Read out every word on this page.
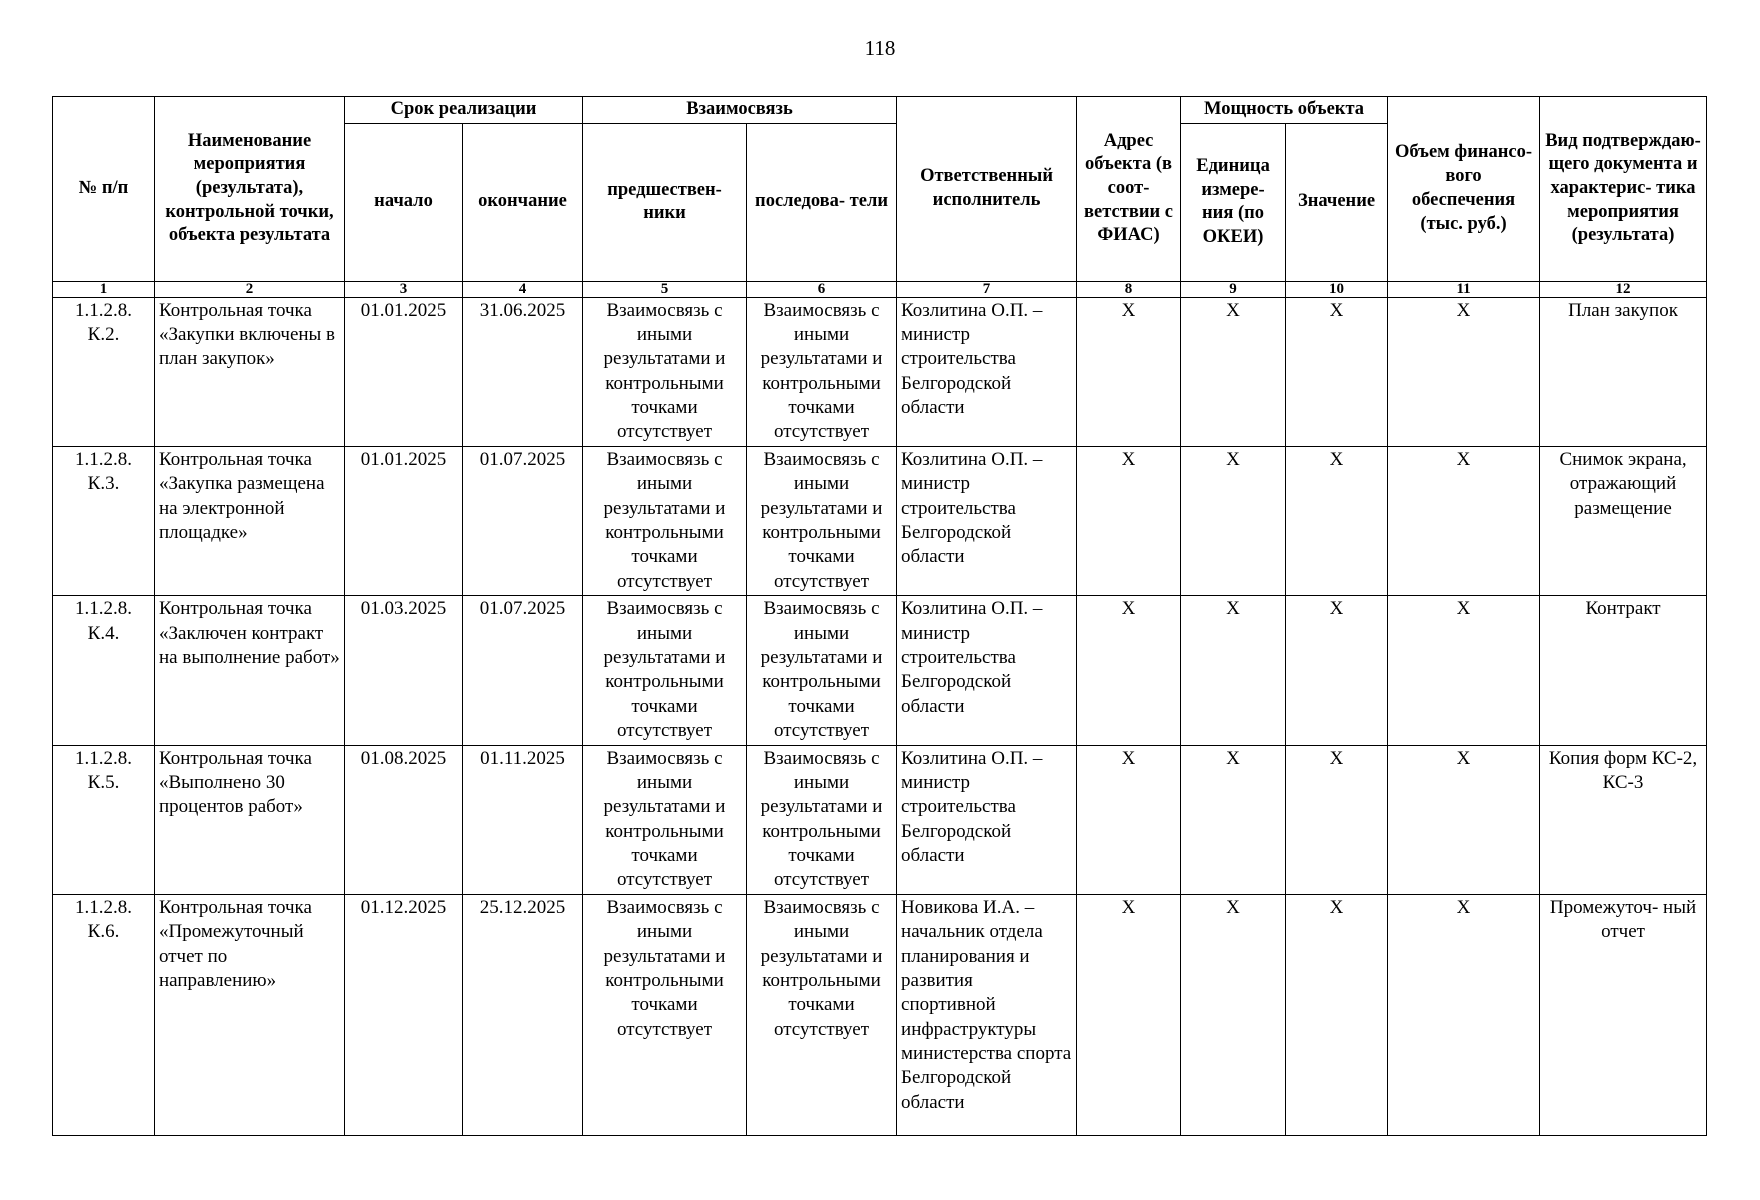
118
№ п/п	Наименование мероприятия (результата), контрольной точки, объекта результата	Срок реализации		Взаимосвязь		Ответственный исполнитель	Адрес объекта (в соот- ветствии с ФИАС)	Мощность объекта		Объем финансо-вого обеспечения (тыс. руб.)	Вид подтверждаю- щего документа и характерис- тика мероприятия (результата)
		начало	окончание	предшествен- ники	последова- тели			Единица измере- ния (по ОКЕИ)	Значение		
1	2	3	4	5	6	7	8	9	10	11	12
1.1.2.8. К.2.	Контрольная точка «Закупки включены в план закупок»	01.01.2025	31.06.2025	Взаимосвязь с иными результатами и контрольными точками отсутствует	Взаимосвязь с иными результатами и контрольными точками отсутствует	Козлитина О.П. – министр строительства Белгородской области	Х	Х	Х	Х	План закупок
1.1.2.8. К.3.	Контрольная точка «Закупка размещена на электронной площадке»	01.01.2025	01.07.2025	Взаимосвязь с иными результатами и контрольными точками отсутствует	Взаимосвязь с иными результатами и контрольными точками отсутствует	Козлитина О.П. – министр строительства Белгородской области	Х	Х	Х	Х	Снимок экрана, отражающий размещение
1.1.2.8. К.4.	Контрольная точка «Заключен контракт на выполнение работ»	01.03.2025	01.07.2025	Взаимосвязь с иными результатами и контрольными точками отсутствует	Взаимосвязь с иными результатами и контрольными точками отсутствует	Козлитина О.П. – министр строительства Белгородской области	Х	Х	Х	Х	Контракт
1.1.2.8. К.5.	Контрольная точка «Выполнено 30 процентов работ»	01.08.2025	01.11.2025	Взаимосвязь с иными результатами и контрольными точками отсутствует	Взаимосвязь с иными результатами и контрольными точками отсутствует	Козлитина О.П. – министр строительства Белгородской области	Х	Х	Х	Х	Копия форм КС-2, КС-3
1.1.2.8. К.6.	Контрольная точка «Промежуточный отчет по направлению»	01.12.2025	25.12.2025	Взаимосвязь с иными результатами и контрольными точками отсутствует	Взаимосвязь с иными результатами и контрольными точками отсутствует	Новикова И.А. – начальник отдела планирования и развития спортивной инфраструктуры министерства спорта Белгородской области	Х	Х	Х	Х	Промежуточ- ный отчет
